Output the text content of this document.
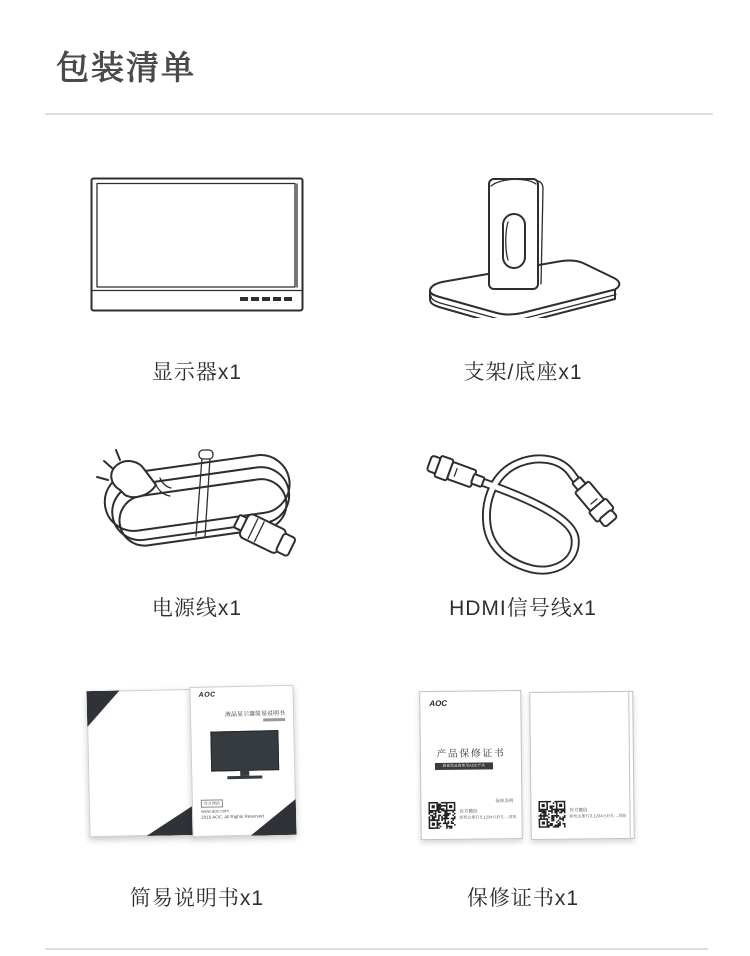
包装清单
显示器x1	支架/底座x1
电源线x1	HDMI信号线x1
AOC
液晶显示器简易说明书
官方网站
www.aoc.com
2019 AOC. All Rights Reserved
AOC
产品保修证书
感谢您选购使用AOC产品
保修条例
官方微信
新机注册有礼1234元好礼→领取
官方微信
新机注册有礼1234元好礼→领取
简易说明书x1	保修证书x1
